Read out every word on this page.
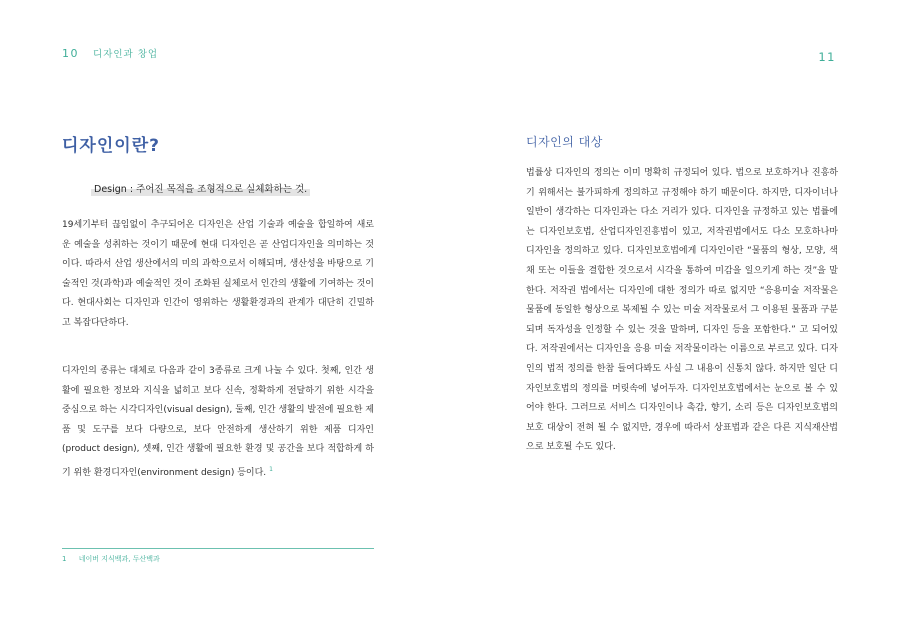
10 디자인과 창업
디자인이란?
Design : 주어진 목적을 조형적으로 실체화하는 것.

19세기부터 끊임없이 추구되어온 디자인은 산업 기술과 예술을 합일하여 새로운 예술을 성취하는 것이기 때문에 현대 디자인은 곧 산업디자인을 의미하는 것이다. 따라서 산업 생산에서의 미의 과학으로서 이해되며, 생산성을 바탕으로 기술적인 것(과학)과 예술적인 것이 조화된 실체로서 인간의 생활에 기여하는 것이다. 현대사회는 디자인과 인간이 영위하는 생활환경과의 관계가 대단히 긴밀하고 복잡다단하다.

디자인의 종류는 대체로 다음과 같이 3종류로 크게 나눌 수 있다. 첫째, 인간 생활에 필요한 정보와 지식을 넓히고 보다 신속, 정확하게 전달하기 위한 시각을 중심으로 하는 시각디자인(visual design), 둘째, 인간 생활의 발전에 필요한 제품 및 도구를 보다 다량으로, 보다 안전하게 생산하기 위한 제품 디자인(product design), 셋째, 인간 생활에 필요한 환경 및 공간을 보다 적합하게 하기 위한 환경디자인(environment design) 등이다. $^1$

1 네이버 지식백과, 두산백과
11
디자인의 대상

법률상 디자인의 정의는 이미 명확히 규정되어 있다. 법으로 보호하거나 진흥하기 위해서는 불가피하게 정의하고 규정해야 하기 때문이다. 하지만, 디자이너나 일반이 생각하는 디자인과는 다소 거리가 있다. 디자인을 규정하고 있는 법률에는 디자인보호법, 산업디자인진흥법이 있고, 저작권법에서도 다소 모호하나마 디자인을 정의하고 있다. 디자인보호법에게 디자인이란 “물품의 형상, 모양, 색채 또는 이들을 결합한 것으로서 시각을 통하여 미감을 일으키게 하는 것”을 말한다. 저작권 법에서는 디자인에 대한 정의가 따로 없지만 “응용미술 저작물은 물품에 동일한 형상으로 복제될 수 있는 미술 저작물로서 그 이용된 물품과 구분되며 독자성을 인정할 수 있는 것을 말하며, 디자인 등을 포함한다.” 고 되어있다. 저작권에서는 디자인을 응용 미술 저작물이라는 이름으로 부르고 있다. 디자인의 법적 정의를 한참 들여다봐도 사실 그 내용이 신통치 않다. 하지만 일단 디자인보호법의 정의를 머릿속에 넣어두자. 디자인보호법에서는 눈으로 볼 수 있어야 한다. 그러므로 서비스 디자인이나 촉감, 향기, 소리 등은 디자인보호법의 보호 대상이 전혀 될 수 없지만, 경우에 따라서 상표법과 같은 다른 지식재산법으로 보호될 수도 있다.
